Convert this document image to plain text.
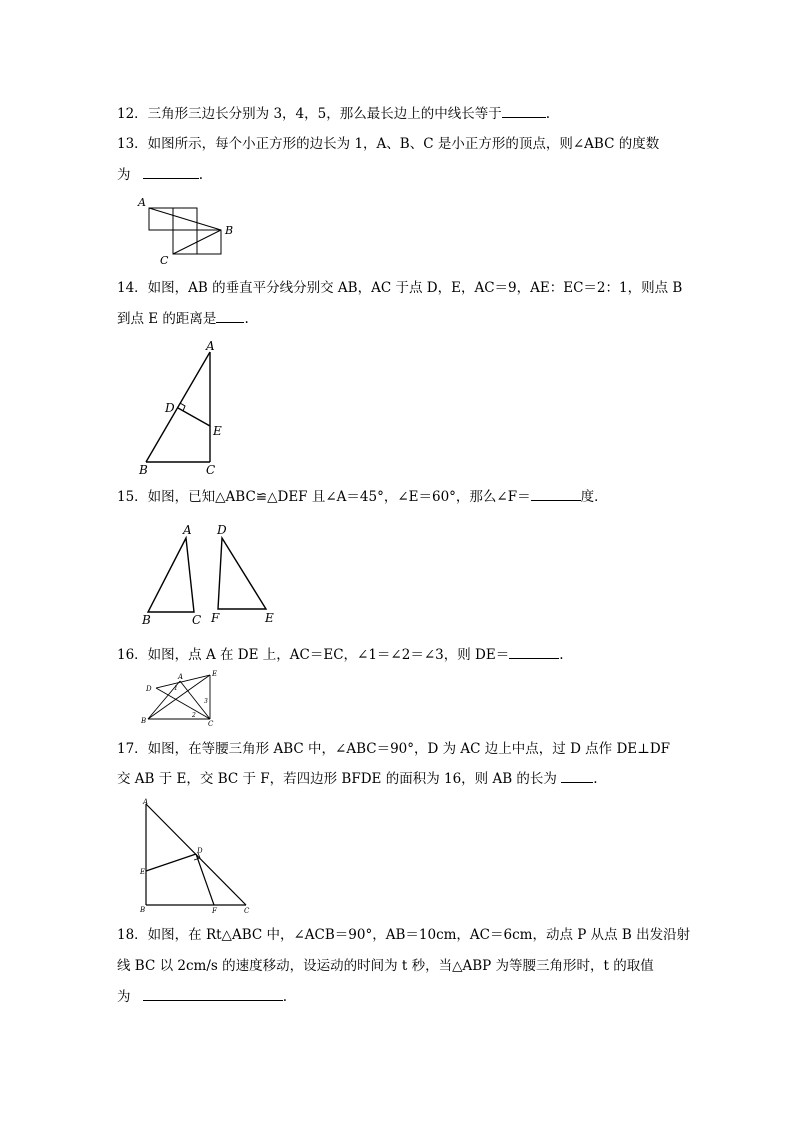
12．三角形三边长分别为 3，4，5，那么最长边上的中线长等于	.
13．如图所示，每个小正方形的边长为 1，A、B、C 是小正方形的顶点，则∠ABC 的度数
为	.
A
B
C
14．如图，AB 的垂直平分线分别交 AB，AC 于点 D，E，AC＝9，AE：EC＝2：1，则点 B
到点 E 的距离是 .
A
D
E
B	C
15．如图，已知△ABC≌△DEF 且∠A＝45°，∠E＝60°，那么∠F＝	度．
A
B	C
D
F	E
16．如图，点 A 在 DE 上，AC＝EC，∠1＝∠2＝∠3，则 DE＝	.
D
E
A
B	C
1
2
3
17．如图，在等腰三角形 ABC 中，∠ABC＝90°，D 为 AC 边上中点，过 D 点作 DE⊥DF
交 AB 于 E，交 BC 于 F，若四边形 BFDE 的面积为 16，则 AB 的长为 .
A
D
E
B	F	C
18．如图，在 Rt△ABC 中，∠ACB＝90°，AB＝10cm，AC＝6cm，动点 P 从点 B 出发沿射
线 BC 以 2cm/s 的速度移动，设运动的时间为 t 秒，当△ABP 为等腰三角形时，t 的取值
为	.
